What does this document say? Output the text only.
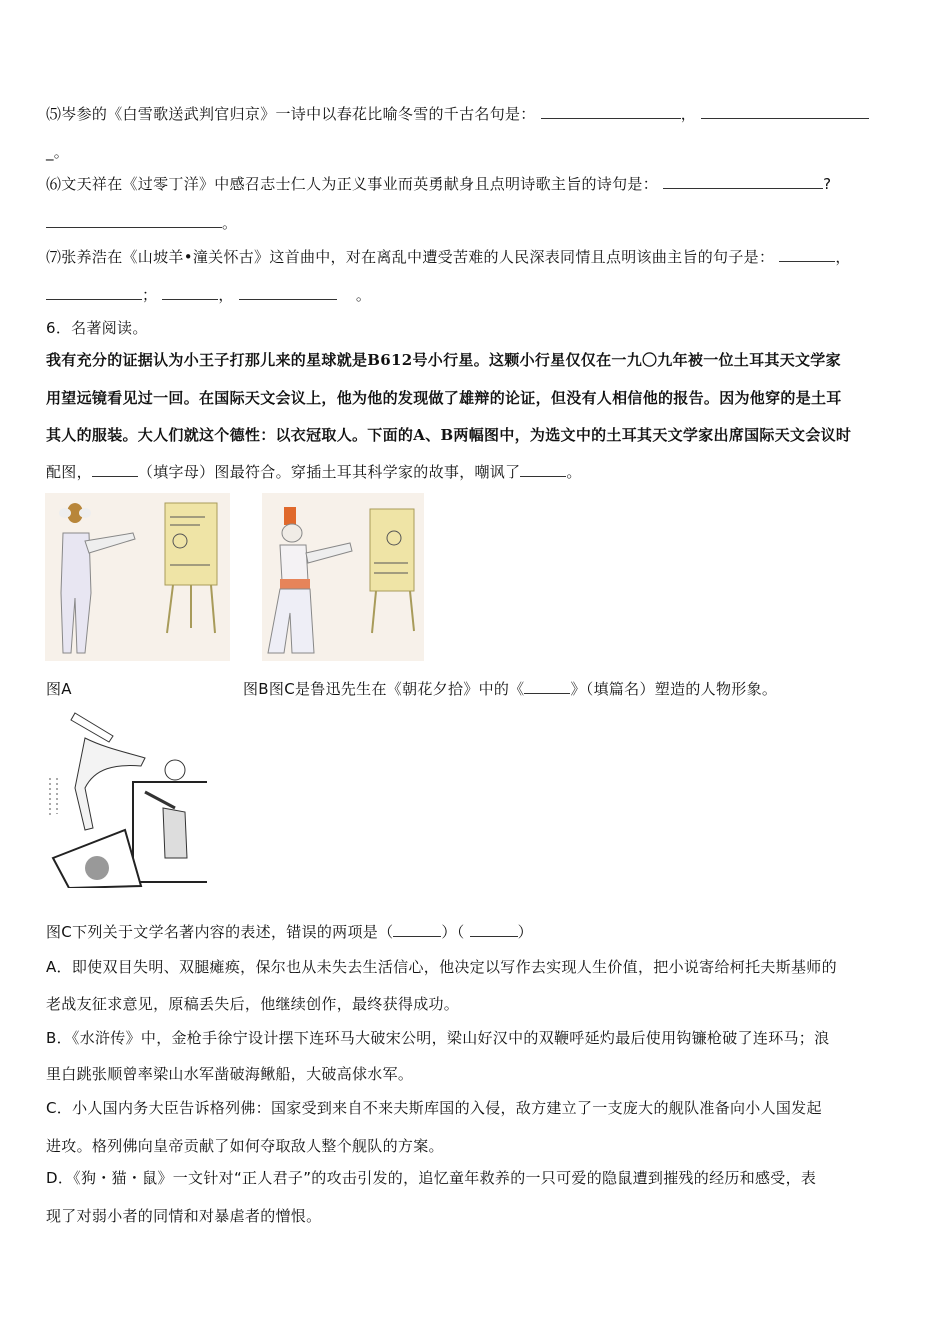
⑸岑参的《白雪歌送武判官归京》一诗中以春花比喻冬雪的千古名句是：	，
_。
⑹文天祥在《过零丁洋》中感召志士仁人为正义事业而英勇献身且点明诗歌主旨的诗句是：	?
。
⑺张养浩在《山坡羊•潼关怀古》这首曲中，对在离乱中遭受苦难的人民深表同情且点明该曲主旨的句子是：	，
；	，	。
6．名著阅读。
我有充分的证据认为小王子打那儿来的星球就是B612号小行星。这颗小行星仅仅在一九〇九年被一位土耳其天文学家
用望远镜看见过一回。在国际天文会议上，他为他的发现做了雄辩的论证，但没有人相信他的报告。因为他穿的是土耳
其人的服装。大人们就这个德性：以衣冠取人。下面的A、B两幅图中，为选文中的土耳其天文学家出席国际天文会议时
配图，	（填字母）图最符合。穿插土耳其科学家的故事，嘲讽了	。
图A	图B图C是鲁迅先生在《朝花夕拾》中的《	》（填篇名）塑造的人物形象。
图C下列关于文学名著内容的表述，错误的两项是（	）（	）
A．即使双目失明、双腿瘫痪，保尔也从未失去生活信心，他决定以写作去实现人生价值，把小说寄给柯托夫斯基师的
老战友征求意见，原稿丢失后，他继续创作，最终获得成功。
B．《水浒传》中，金枪手徐宁设计摆下连环马大破宋公明，梁山好汉中的双鞭呼延灼最后使用钩镰枪破了连环马；浪
里白跳张顺曾率梁山水军凿破海鳅船，大破高俅水军。
C．小人国内务大臣告诉格列佛：国家受到来自不来夫斯库国的入侵，敌方建立了一支庞大的舰队准备向小人国发起
进攻。格列佛向皇帝贡献了如何夺取敌人整个舰队的方案。
D．《狗・猫・鼠》一文针对“正人君子”的攻击引发的，追忆童年救养的一只可爱的隐鼠遭到摧残的经历和感受，表
现了对弱小者的同情和对暴虐者的憎恨。
